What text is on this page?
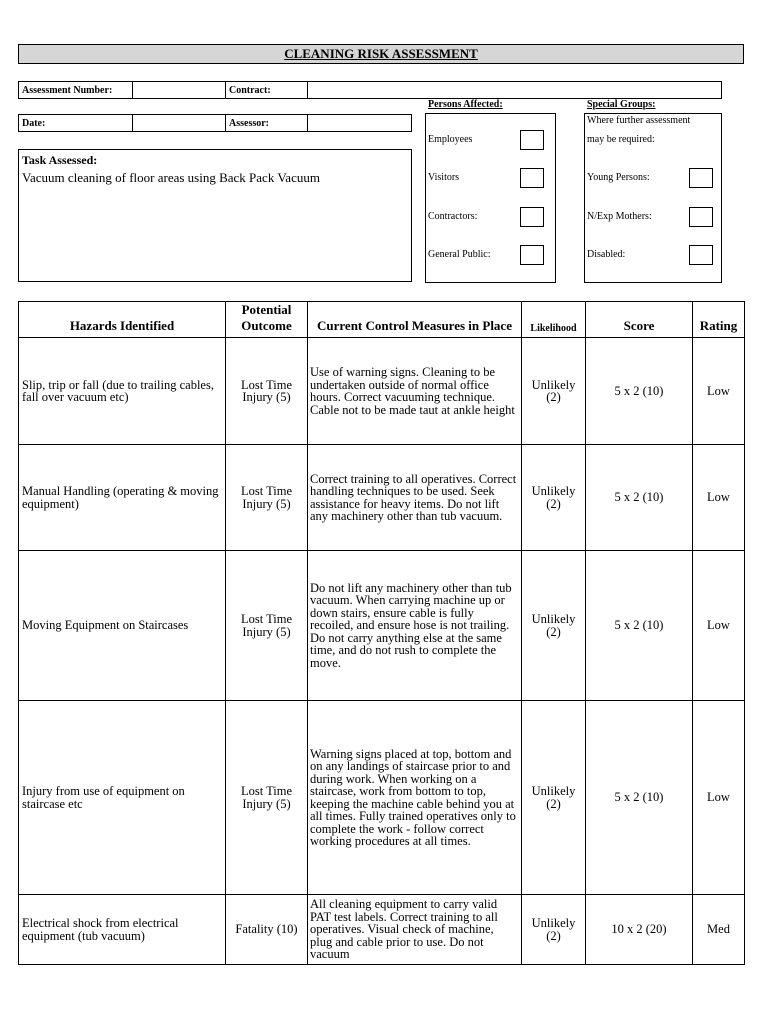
CLEANING RISK ASSESSMENT
Assessment Number:		Contract:	
Date:		Assessor:	
Task Assessed:
Vacuum cleaning of floor areas using Back Pack Vacuum
Persons Affected:
Employees
Visitors
Contractors:
General Public:
Special Groups:
Where further assessment
may be required:
Young Persons:
N/Exp Mothers:
Disabled:
Hazards Identified	Potential Outcome	Current Control Measures in Place	Likelihood	Score	Rating
Slip, trip or fall (due to trailing cables, fall over vacuum etc)	Lost Time Injury (5)	Use of warning signs. Cleaning to be undertaken outside of normal office hours. Correct vacuuming technique. Cable not to be made taut at ankle height	Unlikely (2)	5 x 2 (10)	Low
Manual Handling (operating & moving equipment)	Lost Time Injury (5)	Correct training to all operatives. Correct handling techniques to be used. Seek assistance for heavy items. Do not lift any machinery other than tub vacuum.	Unlikely (2)	5 x 2 (10)	Low
Moving Equipment on Staircases	Lost Time Injury (5)	Do not lift any machinery other than tub vacuum. When carrying machine up or down stairs, ensure cable is fully recoiled, and ensure hose is not trailing. Do not carry anything else at the same time, and do not rush to complete the move.	Unlikely (2)	5 x 2 (10)	Low
Injury from use of equipment on staircase etc	Lost Time Injury (5)	Warning signs placed at top, bottom and on any landings of staircase prior to and during work. When working on a staircase, work from bottom to top, keeping the machine cable behind you at all times. Fully trained operatives only to complete the work - follow correct working procedures at all times.	Unlikely (2)	5 x 2 (10)	Low
Electrical shock from electrical equipment (tub vacuum)	Fatality (10)	All cleaning equipment to carry valid PAT test labels. Correct training to all operatives. Visual check of machine, plug and cable prior to use. Do not vacuum	Unlikely (2)	10 x 2 (20)	Med
